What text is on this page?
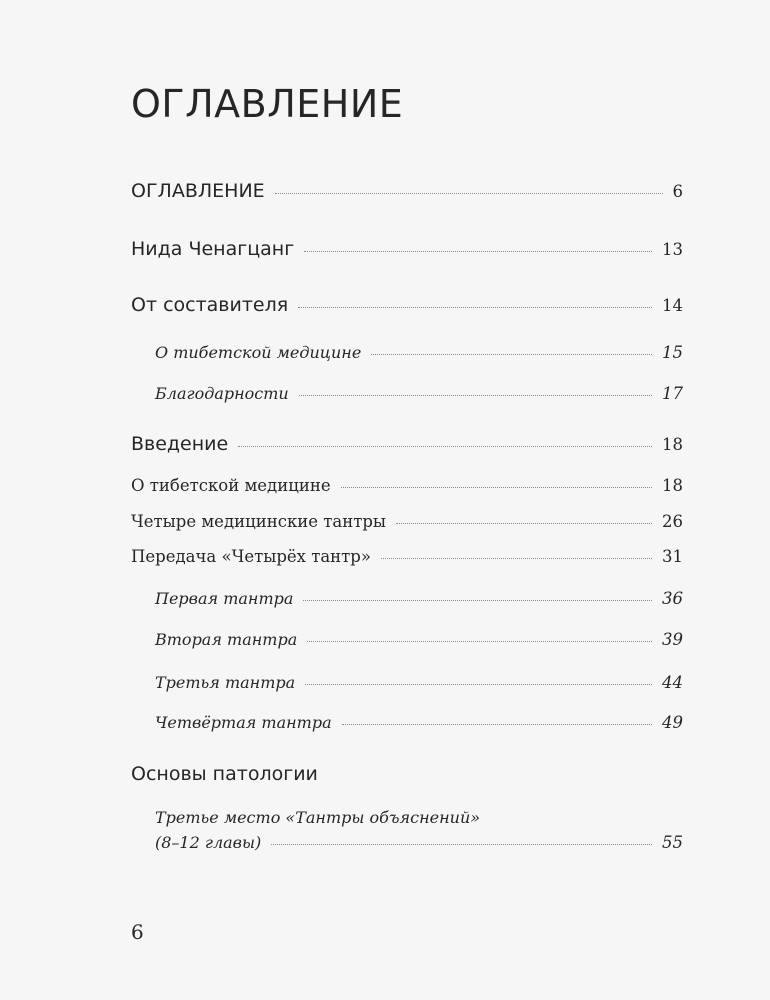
ОГЛАВЛЕНИЕ
ОГЛАВЛЕНИЕ	6
Нида Ченагцанг	13
От составителя	14
О тибетской медицине	15
Благодарности	17
Введение	18
О тибетской медицине	18
Четыре медицинские тантры	26
Передача «Четырёх тантр»	31
Первая тантра	36
Вторая тантра	39
Третья тантра	44
Четвёртая тантра	49
Основы патологии
Третье место «Тантры объяснений»
(8–12 главы)	55
6
